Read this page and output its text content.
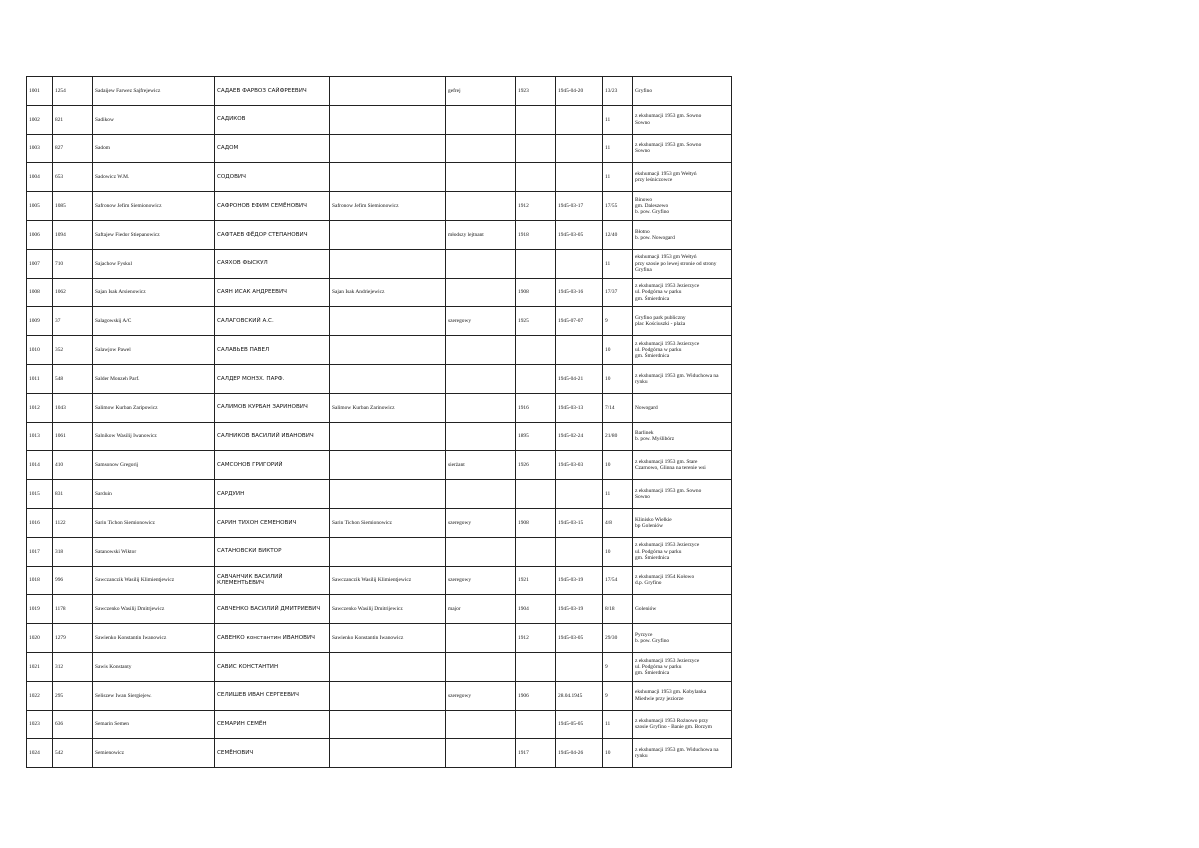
1001	1254	Sadaijew Farwez Sajfrejewicz	САДАЕВ ФАРВОЗ САЙФРЕЕВИЧ		gefrej	1923	1945-04-20	13/23	Gryfino
1002	821	Sadikow	САДИКОВ					11	z ekshumacji 1953 gm. Sowno
Sowno
1003	827	Sadom	САДОМ					11	z ekshumacji 1953 gm. Sowno
Sowno
1004	653	Sadowicz W.M.	СОДОВИЧ					11	ekshumacji 1953 gm Wełtyń
przy leśniczowce
1005	1085	Safronow Jefim Siemionowicz	САФРОНОВ ЕФИМ СЕМЁНОВИЧ	Safronow Jefim Siemionowicz		1912	1945-03-17	17/55	Binowo
gm. Daleszewo
b. pow. Gryfino
1006	1094	Saftajew Fiedor Stiepanowicz	САФТАЕВ ФЁДОР СТЕПАНОВИЧ		młodszy lejtnant	1918	1945-03-05	12/40	Błotno
b. pow. Nowogard
1007	710	Sajachow Fyskul	САЯХОВ ФЫСКУЛ					11	ekshumacji 1953 gm Wełtyń
przy szosie po lewej stronie od strony
Gryfina
1008	1062	Sajan Isak Arsienowicz	САЯН ИСАК АНДРЕЕВИЧ	Sajan Isak Andriejewicz		1908	1945-03-16	17/37	z ekshumacji 1953 Jezierzyce
ul. Podgórna w parku
gm. Śmierdnica
1009	37	Salagowskij A/C	САЛАГОВСКИЙ А.С.		szeregowy	1925	1945-07-07	9	Gryfino park publiczny
plac Kościuszki - plaża
1010	352	Salawjow Pawel	САЛАВЬЕВ ПАВЕЛ					10	z ekshumacji 1953 Jezierzyce
ul. Podgórna w parku
gm. Śmierdnica
1011	548	Salder Monzeh Parf.	САЛДЕР МОНЗХ. ПАРФ.				1945-04-21	10	z ekshumacji 1953 gm. Widuchowa na
rynku
1012	1043	Salimow Kurban Zaripowicz	САЛИМОВ КУРБАН ЗАРИНОВИЧ	Salimow Kurban Zarinowicz		1916	1945-03-13	7/14	Nowogard
1013	1061	Salnikow Wasilij Iwanowicz	САЛНИКОВ ВАСИЛИЙ ИВАНОВИЧ			1895	1945-02-24	21/80	Barlinek
b. pow. Myślibórz
1014	410	Samsonow Gregorij	САМСОНОВ ГРИГОРИЙ		sierżant	1926	1945-03-03	10	z ekshumacji 1953 gm. Stare
Czarnowo, Glinna na terenie wsi
1015	831	Sarduin	САРДУИН					11	z ekshumacji 1953 gm. Sowno
Sowno
1016	1122	Sarin Tichon Siemionowicz	САРИН ТИХОН СЕМЕНОВИЧ	Sarin Tichon Siemionowicz	szeregowy	1908	1945-03-15	4/8	Klinisko Wielkie
bp Goleniów
1017	318	Satanowski Wiktor	САТАНОВСКИ ВИКТОР					10	z ekshumacji 1953 Jezierzyce
ul. Podgórna w parku
gm. Śmierdnica
1018	996	Sawczanczik Wasilij Klimientjewicz	САВЧАНЧИК ВАСИЛИЙ
КЛЕМЕНТЬЕВИЧ	Sawczanczik Wasilij Klimientjewicz	szeregowy	1921	1945-03-19	17/54	z ekshumacji 1954 Kołowo
d.p. Gryfino
1019	1178	Sawczenko Wasilij Dmitrjewicz	САВЧЕНКО ВАСИЛИЙ ДМИТРИЕВИЧ	Sawczenko Wasilij Dmitrijewicz	major	1904	1945-03-19	8/18	Goleniów
1020	1279	Sawienko Konstantin Iwanowicz	САВЕНКО константин ИВАНОВИЧ	Sawienko Konstantin Iwanowicz		1912	1945-03-05	29/30	Pyrzyce
b. pow. Gryfino
1021	312	Sawis Konstanty	САВИС КОНСТАНТИН					9	z ekshumacji 1953 Jezierzyce
ul. Podgórna w parku
gm. Śmierdnica
1022	295	Seliszew Iwan Siergiejew.	СЕЛИШЕВ ИВАН СЕРГЕЕВИЧ		szeregowy	1906	28.04.1945	9	ekshumacji 1953 gm. Kobylanka
Miedwie przy jeziorze
1023	636	Semarin Semen	СЕМАРИН СЕМЁН				1945-05-05	11	z ekshumacji 1953 Rożnowo przy
szosie Gryfino - Banie gm. Borzym
1024	542	Semienowicz	СЕМЁНОВИЧ			1917	1945-04-26	10	z ekshumacji 1953 gm. Widuchowa na
rynku
